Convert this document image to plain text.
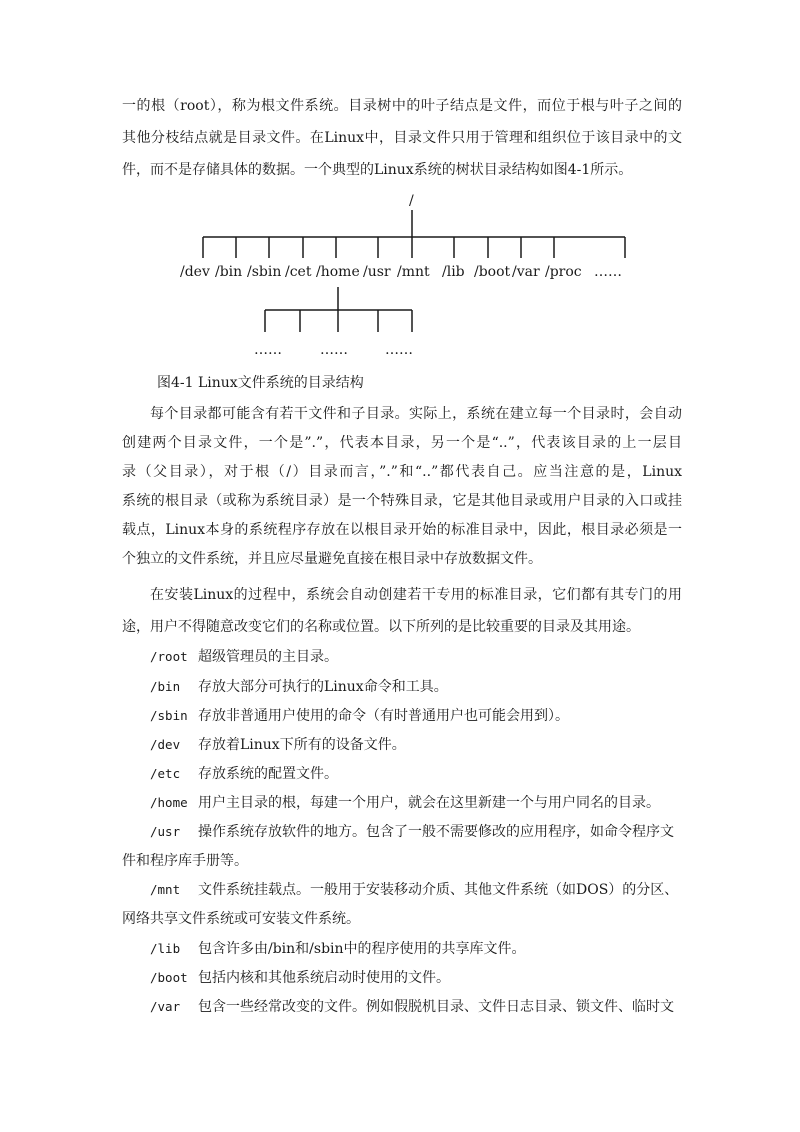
一的根（root），称为根文件系统。目录树中的叶子结点是文件，而位于根与叶子之间的
其他分枝结点就是目录文件。在Linux中，目录文件只用于管理和组织位于该目录中的文
件，而不是存储具体的数据。一个典型的Linux系统的树状目录结构如图4-1所示。
/
/dev /bin /sbin /cet /home /usr /mnt /lib /boot /var /proc ……
……	……	……
图4-1 Linux文件系统的目录结构
每个目录都可能含有若干文件和子目录。实际上，系统在建立每一个目录时，会自动
创建两个目录文件，一个是”.”，代表本目录，另一个是“..”，代表该目录的上一层目
录（父目录），对于根（/）目录而言，”.”和“..”都代表自己。应当注意的是，Linux
系统的根目录（或称为系统目录）是一个特殊目录，它是其他目录或用户目录的入口或挂
载点，Linux本身的系统程序存放在以根目录开始的标准目录中，因此，根目录必须是一
个独立的文件系统，并且应尽量避免直接在根目录中存放数据文件。
在安装Linux的过程中，系统会自动创建若干专用的标准目录，它们都有其专门的用
途，用户不得随意改变它们的名称或位置。以下所列的是比较重要的目录及其用途。
/root 超级管理员的主目录。
/bin 存放大部分可执行的Linux命令和工具。
/sbin 存放非普通用户使用的命令（有时普通用户也可能会用到）。
/dev 存放着Linux下所有的设备文件。
/etc 存放系统的配置文件。
/home 用户主目录的根，每建一个用户，就会在这里新建一个与用户同名的目录。
/usr 操作系统存放软件的地方。包含了一般不需要修改的应用程序，如命令程序文
件和程序库手册等。
/mnt 文件系统挂载点。一般用于安装移动介质、其他文件系统（如DOS）的分区、
网络共享文件系统或可安装文件系统。
/lib 包含许多由/bin和/sbin中的程序使用的共享库文件。
/boot 包括内核和其他系统启动时使用的文件。
/var 包含一些经常改变的文件。例如假脱机目录、文件日志目录、锁文件、临时文
